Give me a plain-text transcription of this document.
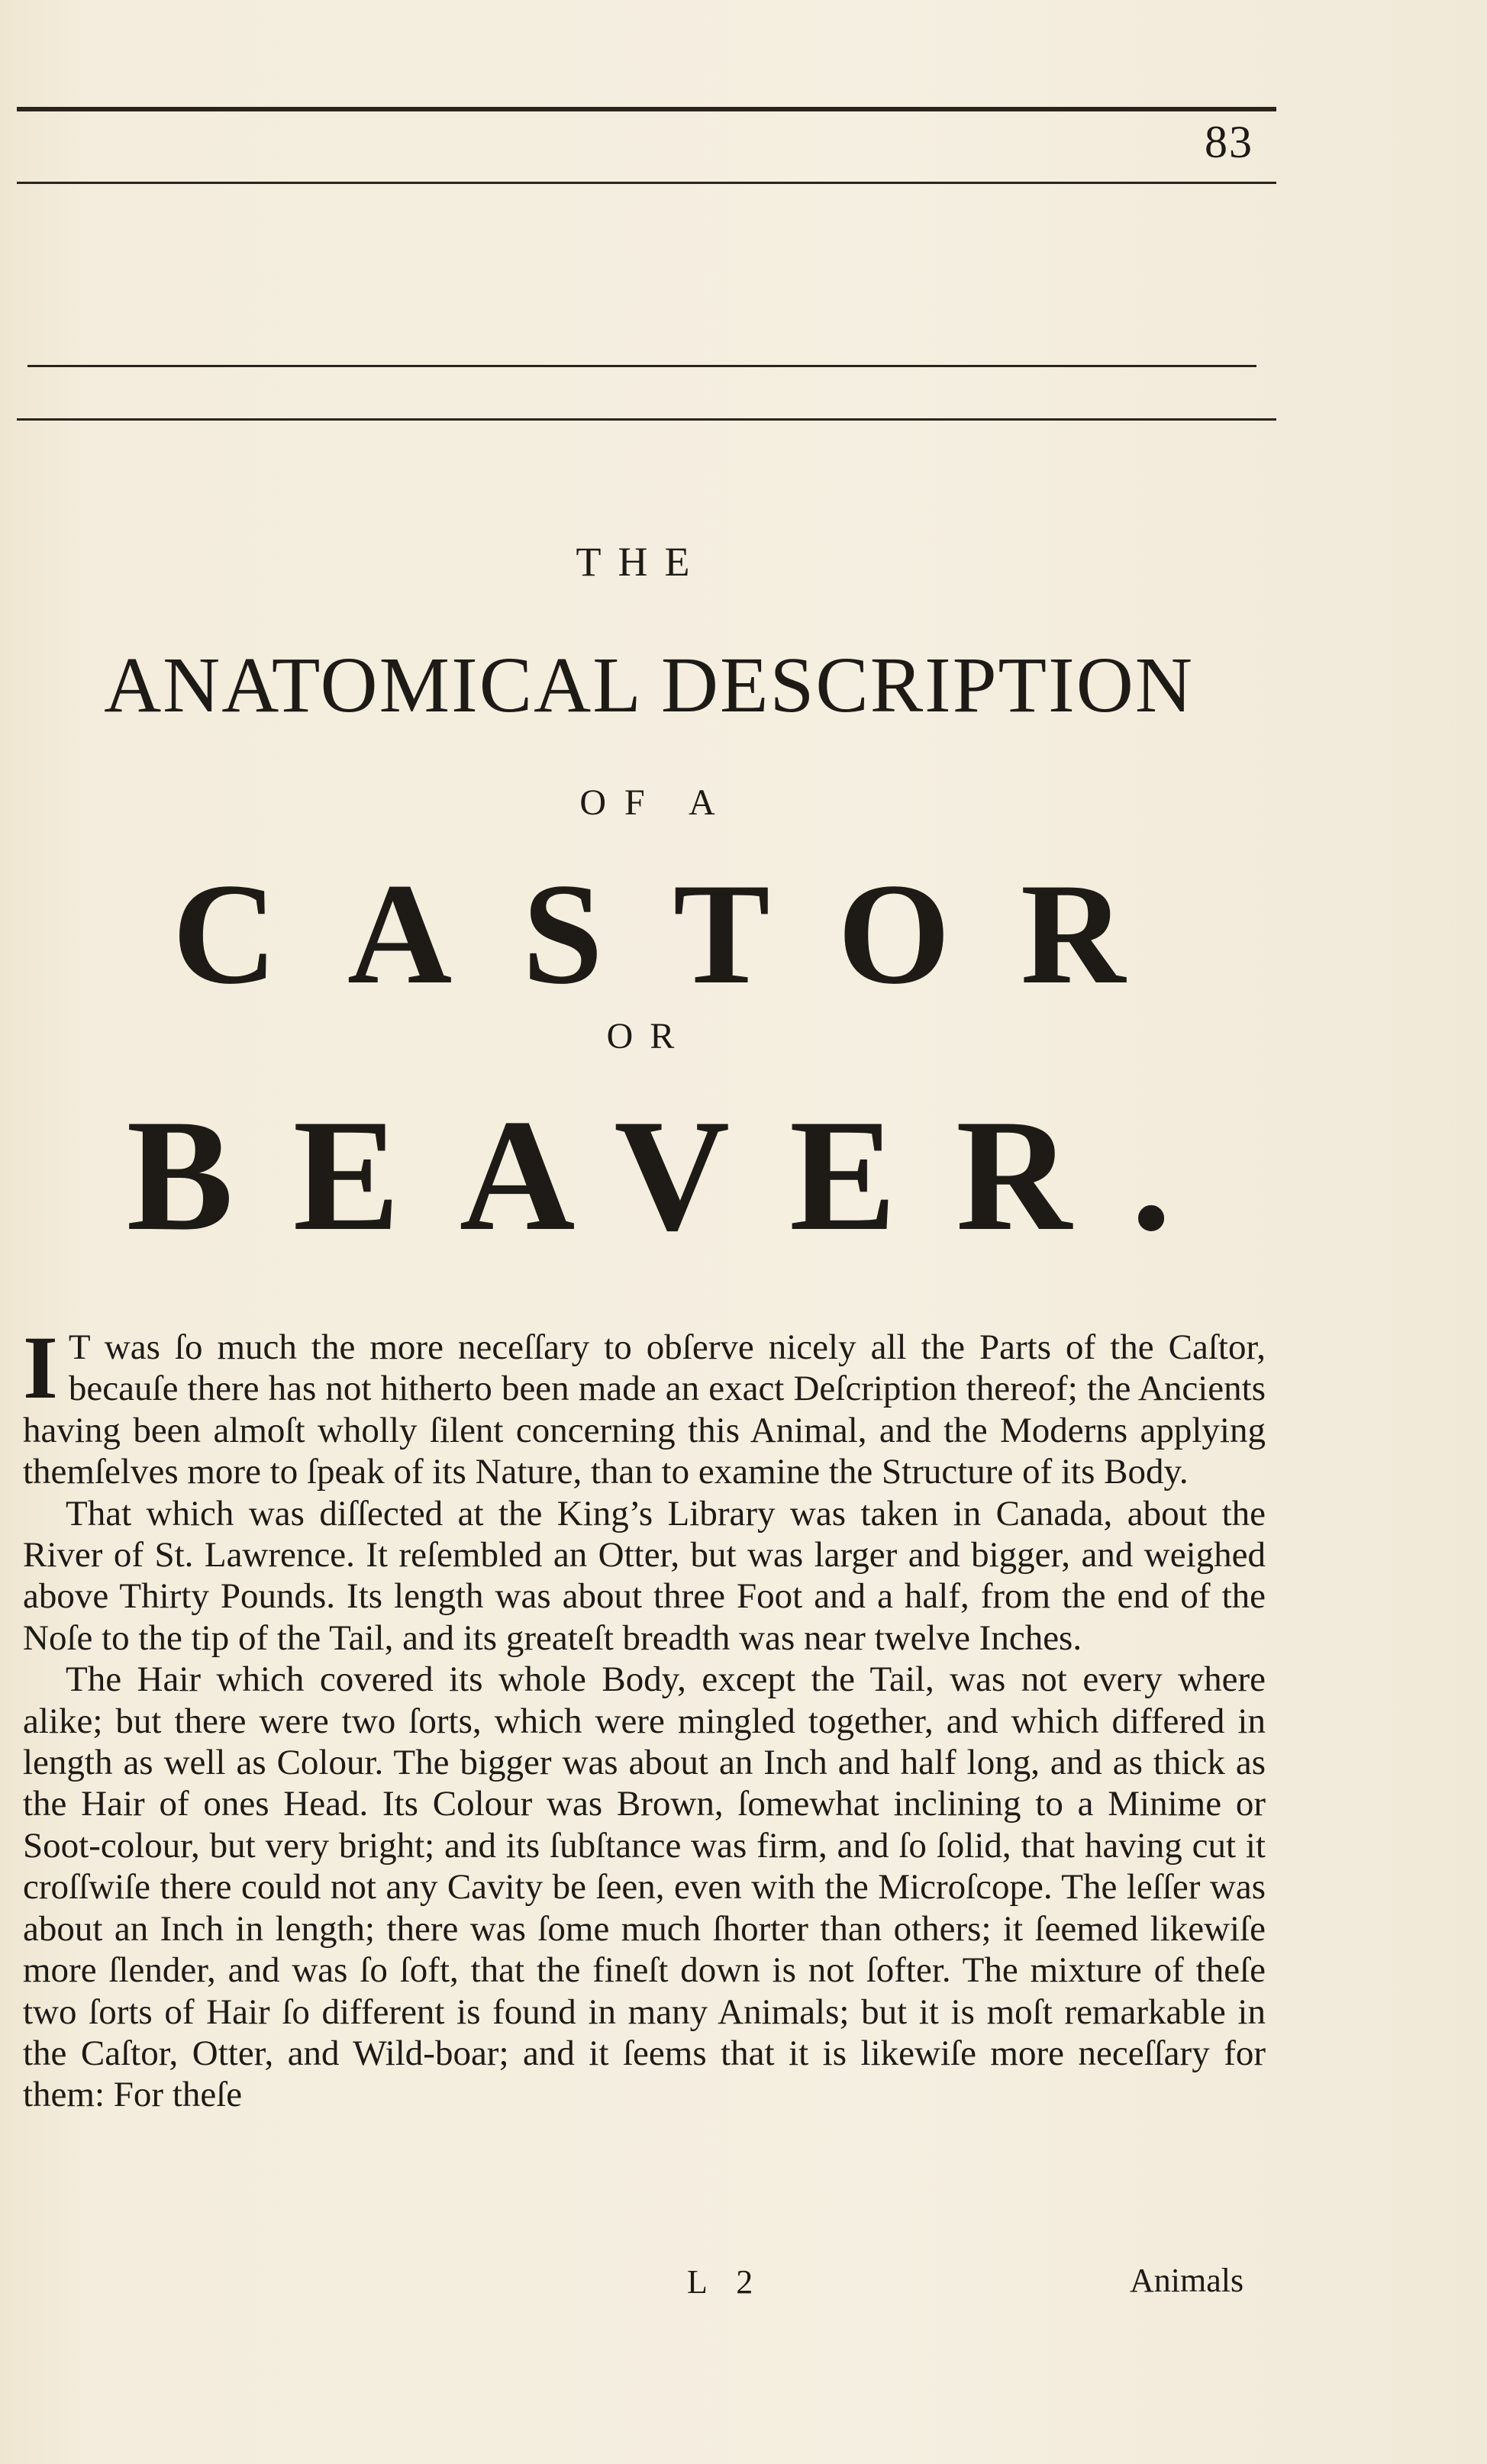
83
THE
ANATOMICAL DESCRIPTION
OF A
CASTOR
OR
BEAVER.

I T was ſo much the more neceſſary to obſerve nicely all the Parts of the Caſtor, becauſe there has not hitherto been made an exact Deſcription thereof; the Ancients having been almoſt wholly ſilent concerning this Animal, and the Moderns applying themſelves more to ſpeak of its Nature, than to examine the Structure of its Body.

That which was diſſected at the King’s Library was taken in Canada, about the River of St. Lawrence. It reſembled an Otter, but was larger and bigger, and weighed above Thirty Pounds. Its length was about three Foot and a half, from the end of the Noſe to the tip of the Tail, and its greateſt breadth was near twelve Inches.

The Hair which covered its whole Body, except the Tail, was not every where alike; but there were two ſorts, which were mingled together, and which differed in length as well as Colour. The bigger was about an Inch and half long, and as thick as the Hair of ones Head. Its Colour was Brown, ſomewhat inclining to a Minime or Soot-colour, but very bright; and its ſubſtance was firm, and ſo ſolid, that having cut it croſſwiſe there could not any Cavity be ſeen, even with the Microſcope. The leſſer was about an Inch in length; there was ſome much ſhorter than others; it ſeemed likewiſe more ſlender, and was ſo ſoft, that the fineſt down is not ſofter. The mixture of theſe two ſorts of Hair ſo different is found in many Animals; but it is moſt remarkable in the Caſtor, Otter, and Wild-boar; and it ſeems that it is likewiſe more neceſſary for them: For theſe

L 2	Animals
